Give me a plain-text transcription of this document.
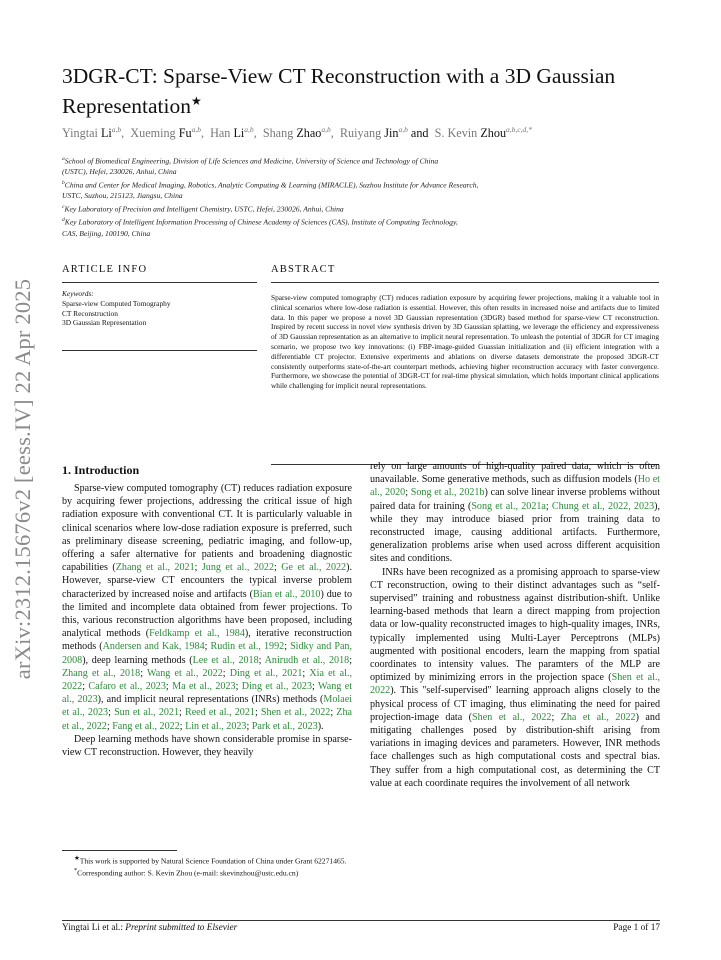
arXiv:2312.15676v2 [eess.IV] 22 Apr 2025
3DGR-CT: Sparse-View CT Reconstruction with a 3D Gaussian Representation★
Yingtai Li$^{a,b}$,  Xueming Fu$^{a,b}$,  Han Li$^{a,b}$,  Shang Zhao$^{a,b}$,  Ruiyang Jin$^{a,b}$ and  S. Kevin Zhou$^{a,b,c,d,*}$

$^a$School of Biomedical Engineering, Division of Life Sciences and Medicine, University of Science and Technology of China
(USTC), Hefei, 230026, Anhui, China

$^b$China and Center for Medical Imaging, Robotics, Analytic Computing & Learning (MIRACLE), Suzhou Institute for Advance Research,
USTC, Suzhou, 215123, Jiangsu, China

$^c$Key Laboratory of Precision and Intelligent Chemistry, USTC, Hefei, 230026, Anhui, China

$^d$Key Laboratory of Intelligent Information Processing of Chinese Academy of Sciences (CAS), Institute of Computing Technology,
CAS, Beijing, 100190, China

ARTICLE INFO	ABSTRACT
Keywords:
Sparse-view Computed Tomography
CT Reconstruction
3D Gaussian Representation
Sparse-view computed tomography (CT) reduces radiation exposure by acquiring fewer projections, making it a valuable tool in clinical scenarios where low-dose radiation is essential. However, this often results in increased noise and artifacts due to limited data. In this paper we propose a novel 3D Gaussian representation (3DGR) based method for sparse-view CT reconstruction. Inspired by recent success in novel view synthesis driven by 3D Gaussian splatting, we leverage the efficiency and expressiveness of 3D Gaussian representation as an alternative to implicit neural representation. To unleash the potential of 3DGR for CT imaging scenario, we propose two key innovations: (i) FBP-image-guided Guassian initialization and (ii) efficient integration with a differentiable CT projector. Extensive experiments and ablations on diverse datasets demonstrate the proposed 3DGR-CT consistently outperforms state-of-the-art counterpart methods, achieving higher reconstruction accuracy with faster convergence. Furthermore, we showcase the potential of 3DGR-CT for real-time physical simulation, which holds important clinical applications while challenging for implicit neural representations.
1. Introduction

Sparse-view computed tomography (CT) reduces radiation exposure by acquiring fewer projections, addressing the critical issue of high radiation exposure with conventional CT. It is particularly valuable in clinical scenarios where low-dose radiation exposure is preferred, such as preliminary disease screening, pediatric imaging, and follow-up, offering a safer alternative for patients and broadening diagnostic capabilities (Zhang et al., 2021; Jung et al., 2022; Ge et al., 2022). However, sparse-view CT encounters the typical inverse problem characterized by increased noise and artifacts (Bian et al., 2010) due to the limited and incomplete data obtained from fewer projections. To this, various reconstruction algorithms have been proposed, including analytical methods (Feldkamp et al., 1984), iterative reconstruction methods (Andersen and Kak, 1984; Rudin et al., 1992; Sidky and Pan, 2008), deep learning methods (Lee et al., 2018; Anirudh et al., 2018; Zhang et al., 2018; Wang et al., 2022; Ding et al., 2021; Xia et al., 2022; Cafaro et al., 2023; Ma et al., 2023; Ding et al., 2023; Wang et al., 2023), and implicit neural representations (INRs) methods (Molaei et al., 2023; Sun et al., 2021; Reed et al., 2021; Shen et al., 2022; Zha et al., 2022; Fang et al., 2022; Lin et al., 2023; Park et al., 2023).

Deep learning methods have shown considerable promise in sparse-view CT reconstruction. However, they heavily

rely on large amounts of high-quality paired data, which is often unavailable. Some generative methods, such as diffusion models (Ho et al., 2020; Song et al., 2021b) can solve linear inverse problems without paired data for training (Song et al., 2021a; Chung et al., 2022, 2023), while they may introduce biased prior from training data to reconstructed image, causing additional artifacts. Furthermore, generalization problems arise when used across different acquisition sites and conditions.

INRs have been recognized as a promising approach to sparse-view CT reconstruction, owing to their distinct advantages such as “self-supervised” training and robustness against distribution-shift. Unlike learning-based methods that learn a direct mapping from projection data or low-quality reconstructed images to high-quality images, INRs, typically implemented using Multi-Layer Perceptrons (MLPs) augmented with positional encoders, learn the mapping from spatial coordinates to intensity values. The paramters of the MLP are optimized by minimizing errors in the projection space (Shen et al., 2022). This "self-supervised" learning approach aligns closely to the physical process of CT imaging, thus eliminating the need for paired projection-image data (Shen et al., 2022; Zha et al., 2022) and mitigating challenges posed by distribution-shift arising from variations in imaging devices and parameters. However, INR methods face challenges such as high computational costs and spectral bias. They suffer from a high computational cost, as determining the CT value at each coordinate requires the involvement of all network

★This work is supported by Natural Science Foundation of China under Grant 62271465.
*Corresponding author: S. Kevin Zhou (e-mail: skevinzhou@ustc.edu.cn)
Yingtai Li et al.: Preprint submitted to Elsevier	Page 1 of 17
